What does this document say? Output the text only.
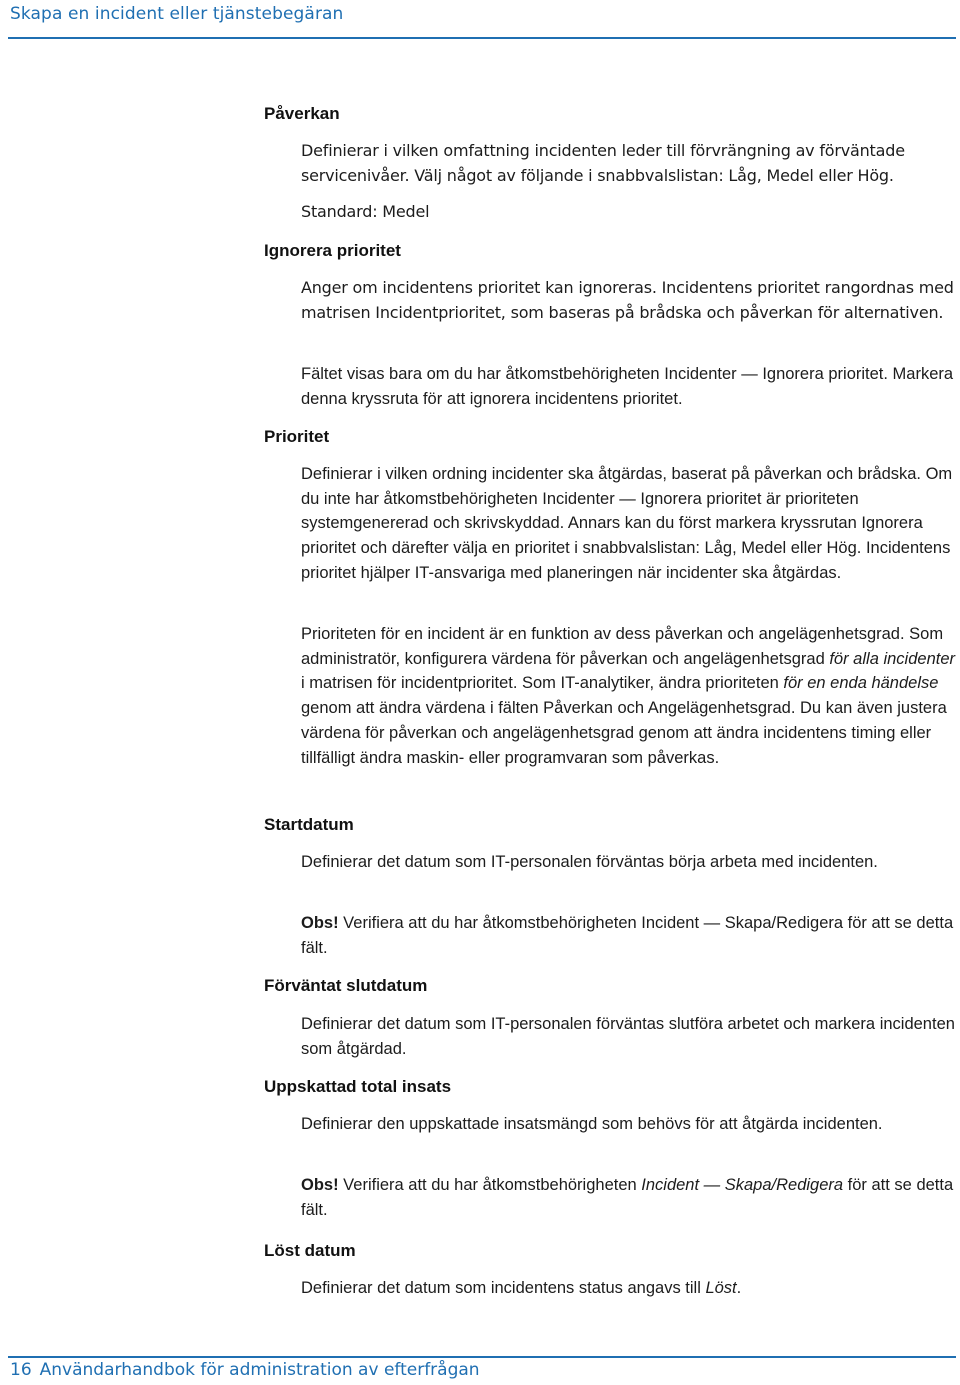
Skapa en incident eller tjänstebegäran
Påverkan
Definierar i vilken omfattning incidenten leder till förvrängning av förväntade servicenivåer. Välj något av följande i snabbvalslistan: Låg, Medel eller Hög.
Standard: Medel
Ignorera prioritet
Anger om incidentens prioritet kan ignoreras. Incidentens prioritet rangordnas med matrisen Incidentprioritet, som baseras på brådska och påverkan för alternativen.
Fältet visas bara om du har åtkomstbehörigheten Incidenter — Ignorera prioritet. Markera denna kryssruta för att ignorera incidentens prioritet.
Prioritet
Definierar i vilken ordning incidenter ska åtgärdas, baserat på påverkan och brådska. Om du inte har åtkomstbehörigheten Incidenter — Ignorera prioritet är prioriteten systemgenererad och skrivskyddad. Annars kan du först markera kryssrutan Ignorera prioritet och därefter välja en prioritet i snabbvalslistan: Låg, Medel eller Hög. Incidentens prioritet hjälper IT-ansvariga med planeringen när incidenter ska åtgärdas.
Prioriteten för en incident är en funktion av dess påverkan och angelägenhetsgrad. Som administratör, konfigurera värdena för påverkan och angelägenhetsgrad för alla incidenter i matrisen för incidentprioritet. Som IT-analytiker, ändra prioriteten för en enda händelse genom att ändra värdena i fälten Påverkan och Angelägenhetsgrad. Du kan även justera värdena för påverkan och angelägenhetsgrad genom att ändra incidentens timing eller tillfälligt ändra maskin- eller programvaran som påverkas.
Startdatum
Definierar det datum som IT-personalen förväntas börja arbeta med incidenten.
Obs! Verifiera att du har åtkomstbehörigheten Incident — Skapa/Redigera för att se detta fält.
Förväntat slutdatum
Definierar det datum som IT-personalen förväntas slutföra arbetet och markera incidenten som åtgärdad.
Uppskattad total insats
Definierar den uppskattade insatsmängd som behövs för att åtgärda incidenten.
Obs! Verifiera att du har åtkomstbehörigheten Incident — Skapa/Redigera för att se detta fält.
Löst datum
Definierar det datum som incidentens status angavs till Löst.
16 Användarhandbok för administration av efterfrågan
